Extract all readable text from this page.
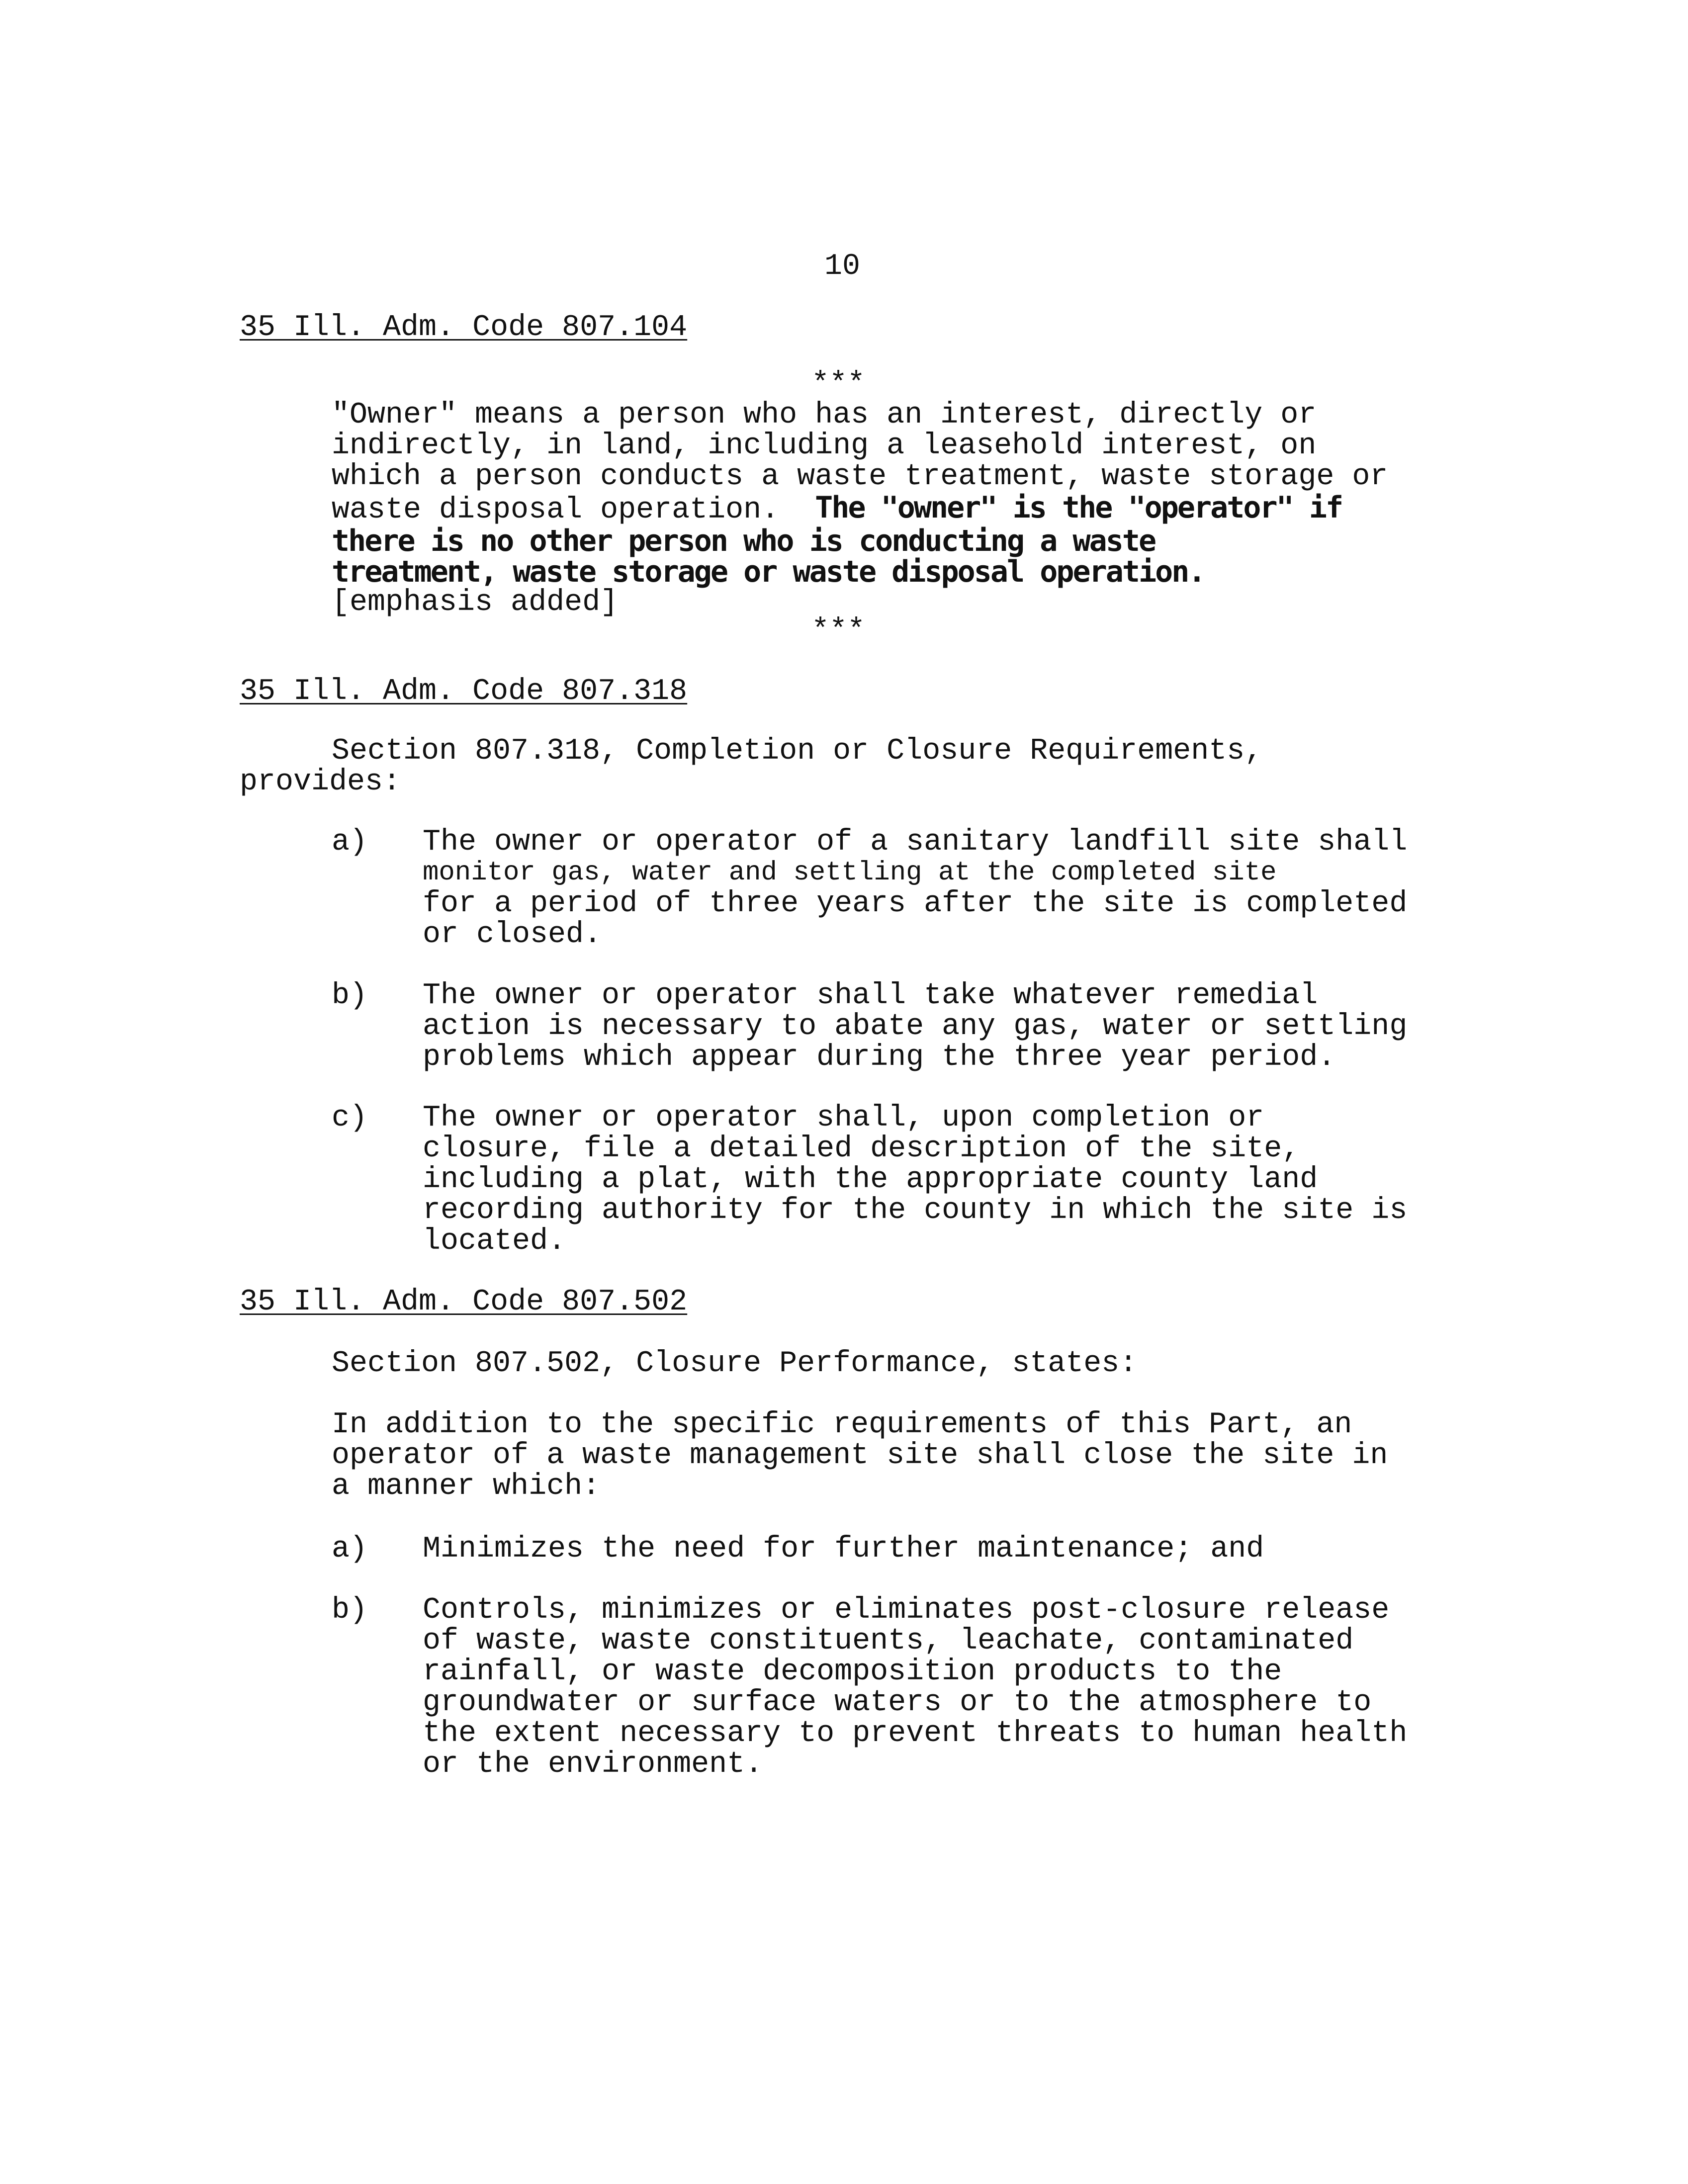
10
35 Ill. Adm. Code 807.104
***
"Owner" means a person who has an interest, directly or
indirectly, in land, including a leasehold interest, on
which a person conducts a waste treatment, waste storage or
waste disposal operation.  The "owner" is the "operator" if
there is no other person who is conducting a waste
treatment, waste storage or waste disposal operation.
[emphasis added]
***
35 Ill. Adm. Code 807.318
Section 807.318, Completion or Closure Requirements,
provides:
a) The owner or operator of a sanitary landfill site shall
monitor gas, water and settling at the completed site
for a period of three years after the site is completed
or closed.
b) The owner or operator shall take whatever remedial
action is necessary to abate any gas, water or settling
problems which appear during the three year period.
c) The owner or operator shall, upon completion or
closure, file a detailed description of the site,
including a plat, with the appropriate county land
recording authority for the county in which the site is
located.
35 Ill. Adm. Code 807.502
Section 807.502, Closure Performance, states:
In addition to the specific requirements of this Part, an
operator of a waste management site shall close the site in
a manner which:
a) Minimizes the need for further maintenance; and
b) Controls, minimizes or eliminates post-closure release
of waste, waste constituents, leachate, contaminated
rainfall, or waste decomposition products to the
groundwater or surface waters or to the atmosphere to
the extent necessary to prevent threats to human health
or the environment.
